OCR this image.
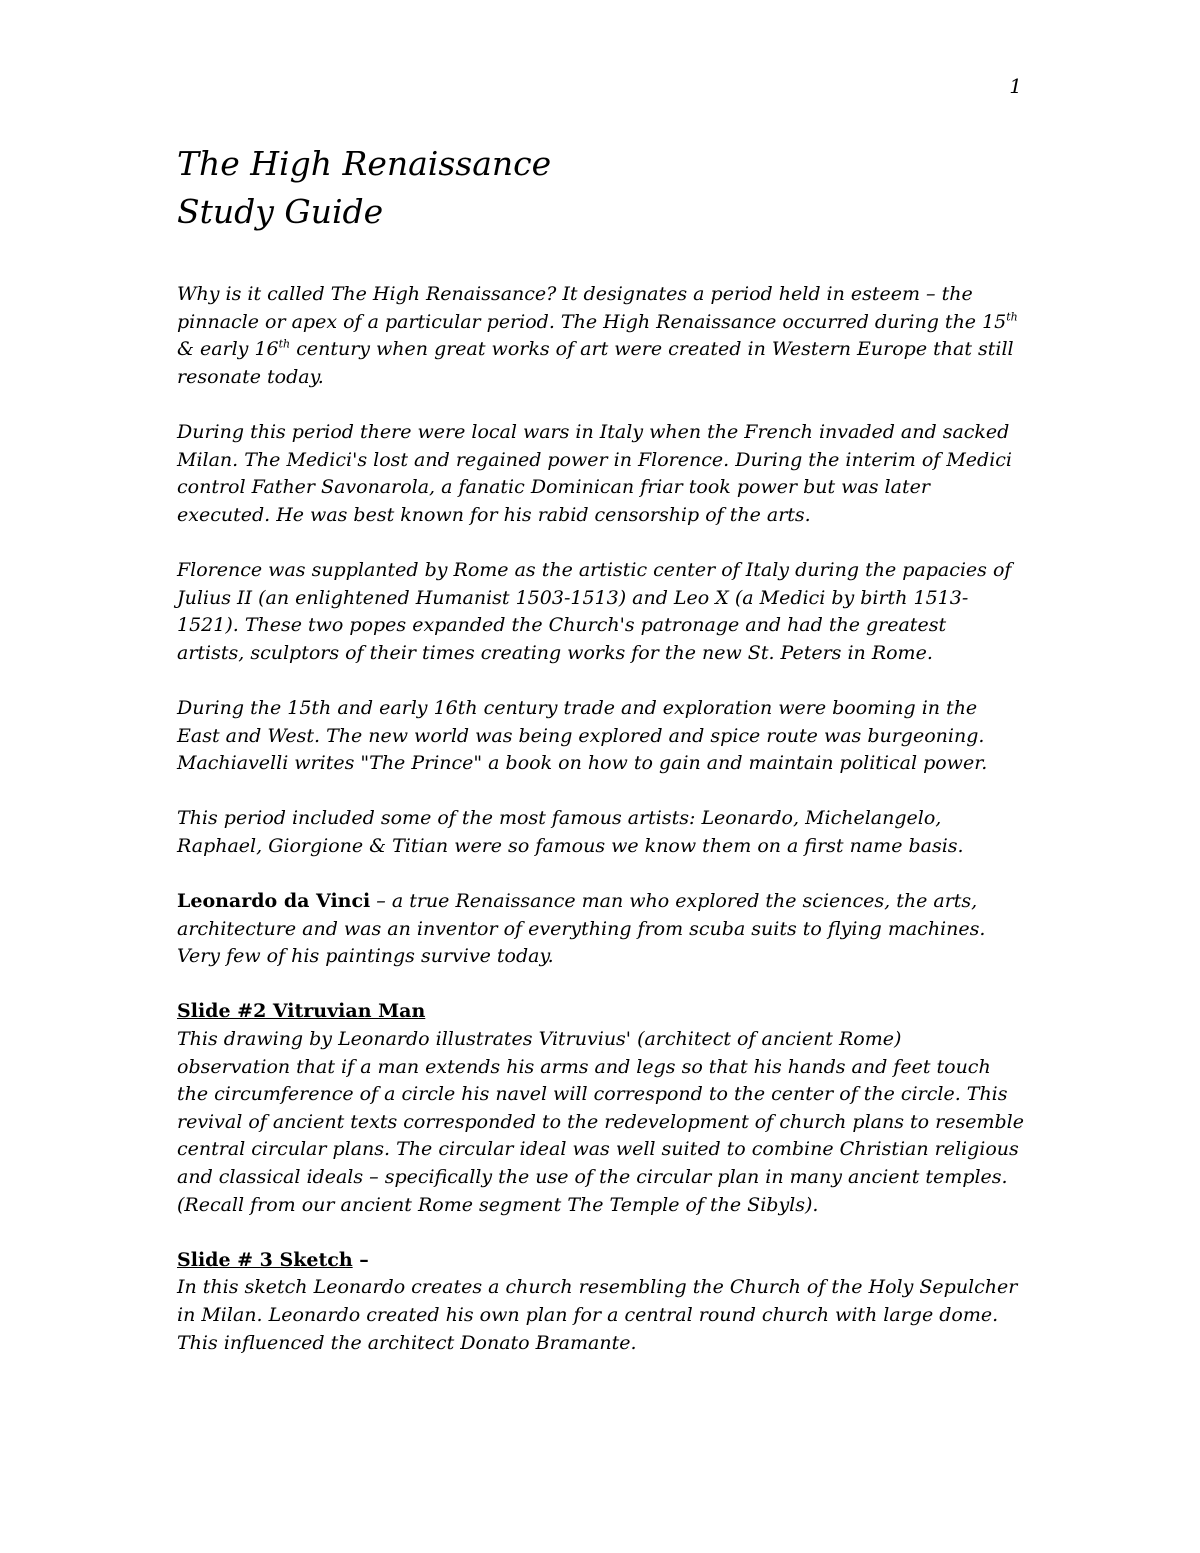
1
The High Renaissance
Study Guide
Why is it called The High Renaissance? It designates a period held in esteem – the
pinnacle or apex of a particular period. The High Renaissance occurred during the 15th
& early 16th century when great works of art were created in Western Europe that still
resonate today.
During this period there were local wars in Italy when the French invaded and sacked
Milan. The Medici's lost and regained power in Florence. During the interim of Medici
control Father Savonarola, a fanatic Dominican friar took power but was later
executed. He was best known for his rabid censorship of the arts.
Florence was supplanted by Rome as the artistic center of Italy during the papacies of
Julius II (an enlightened Humanist 1503-1513) and Leo X (a Medici by birth 1513-
1521). These two popes expanded the Church's patronage and had the greatest
artists, sculptors of their times creating works for the new St. Peters in Rome.
During the 15th and early 16th century trade and exploration were booming in the
East and West. The new world was being explored and spice route was burgeoning.
Machiavelli writes "The Prince" a book on how to gain and maintain political power.
This period included some of the most famous artists: Leonardo, Michelangelo,
Raphael, Giorgione & Titian were so famous we know them on a first name basis.
Leonardo da Vinci – a true Renaissance man who explored the sciences, the arts,
architecture and was an inventor of everything from scuba suits to flying machines.
Very few of his paintings survive today.
Slide #2 Vitruvian Man
This drawing by Leonardo illustrates Vitruvius' (architect of ancient Rome)
observation that if a man extends his arms and legs so that his hands and feet touch
the circumference of a circle his navel will correspond to the center of the circle. This
revival of ancient texts corresponded to the redevelopment of church plans to resemble
central circular plans. The circular ideal was well suited to combine Christian religious
and classical ideals – specifically the use of the circular plan in many ancient temples.
(Recall from our ancient Rome segment The Temple of the Sibyls).
Slide # 3 Sketch –
In this sketch Leonardo creates a church resembling the Church of the Holy Sepulcher
in Milan. Leonardo created his own plan for a central round church with large dome.
This influenced the architect Donato Bramante.
